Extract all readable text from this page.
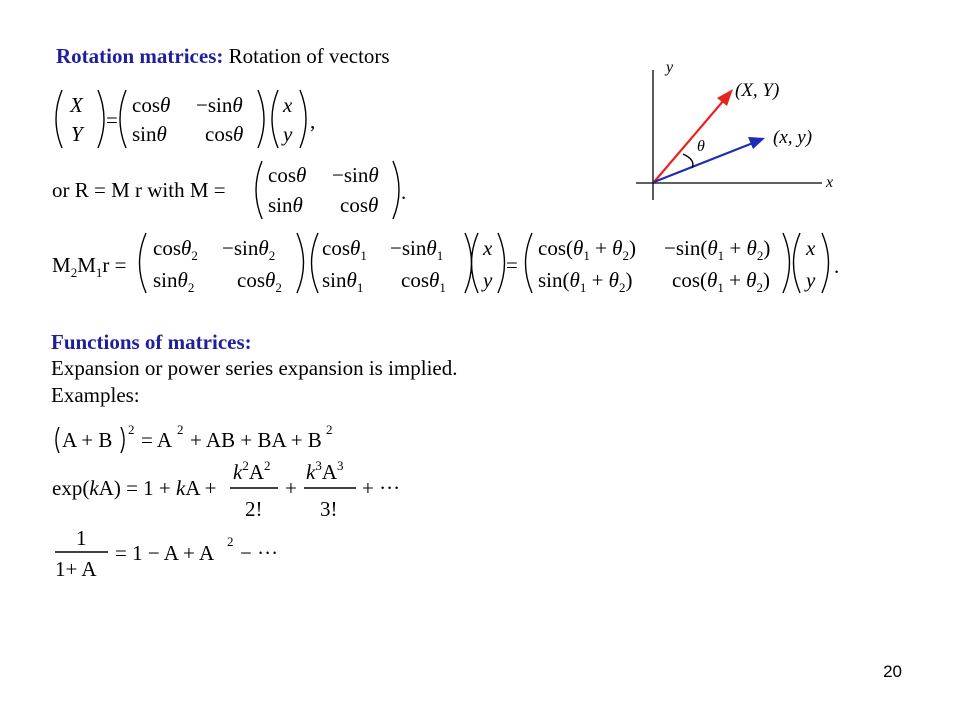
Rotation matrices: Rotation of vectors
X
Y
=
cosθ −sinθ
sinθ cosθ
x
y
,
or R = M r with M =
cosθ −sinθ
sinθ cosθ
.
$M_2M_1r$ =
cosθ$_2$ −sinθ$_2$
sinθ$_2$ cosθ$_2$
cosθ$_1$ −sinθ$_1$
sinθ$_1$ cosθ$_1$
x
y
=
$\cos(\theta_1 + \theta_2) -\sin(\theta_1 + \theta_2)$
$\sin(\theta_1 + \theta_2) \cos(\theta_1 + \theta_2)$
x
y
.
A + B 2 = A 2 + AB + BA + B 2
exp(kA) = 1 + kA +
$k^2A^2$
2!
+
$k^3A^3$
3!
+ ···
1
1+ A
= 1 − A + A 2 − ···
y
x
θ
(X, Y)
(x, y)
Functions of matrices:
Expansion or power series expansion is implied.
Examples:
20
